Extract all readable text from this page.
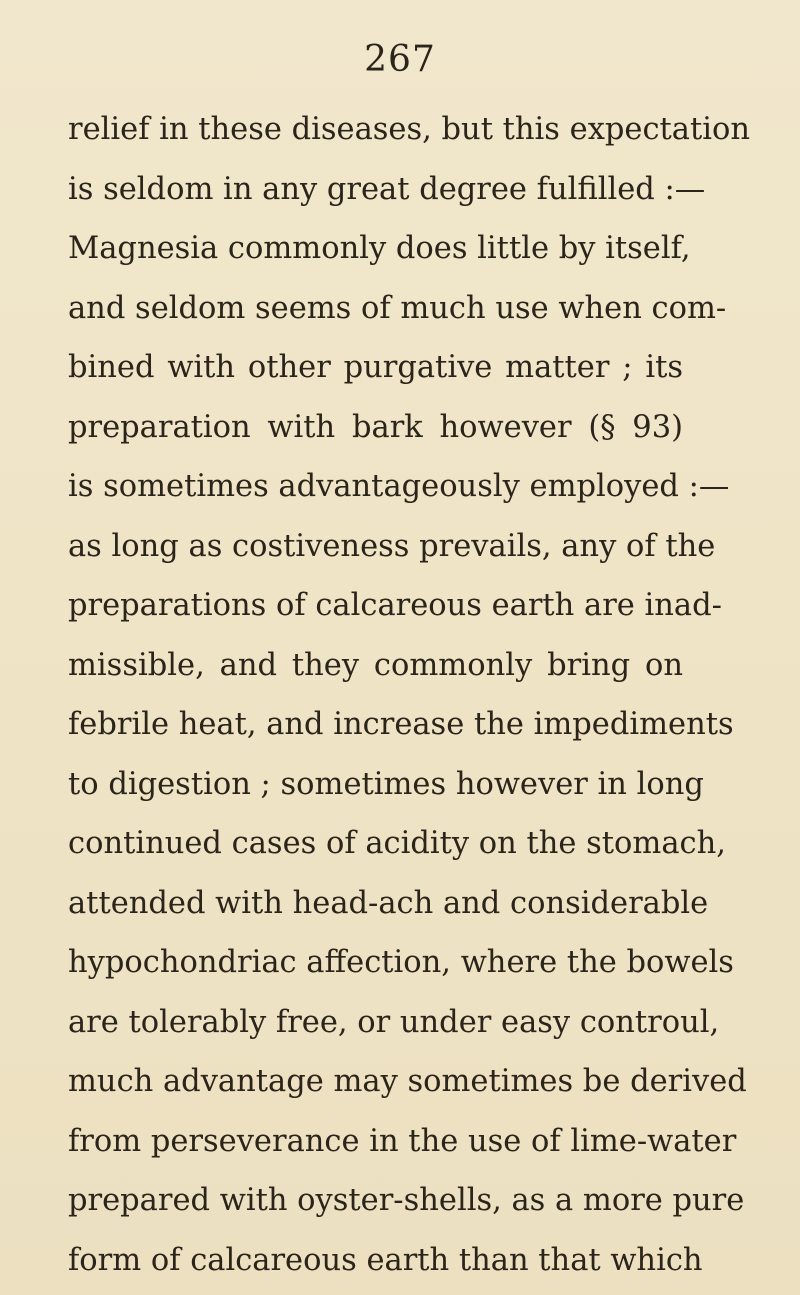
267
relief in these diseases, but this expectation
is seldom in any great degree fulfilled :—
Magnesia commonly does little by itself,
and seldom seems of much use when com-
bined with other purgative matter ; its
preparation with bark however (§ 93)
is sometimes advantageously employed :—
as long as costiveness prevails, any of the
preparations of calcareous earth are inad-
missible, and they commonly bring on
febrile heat, and increase the impediments
to digestion ; sometimes however in long
continued cases of acidity on the stomach,
attended with head-ach and considerable
hypochondriac affection, where the bowels
are tolerably free, or under easy controul,
much advantage may sometimes be derived
from perseverance in the use of lime-water
prepared with oyster-shells, as a more pure
form of calcareous earth than that which
